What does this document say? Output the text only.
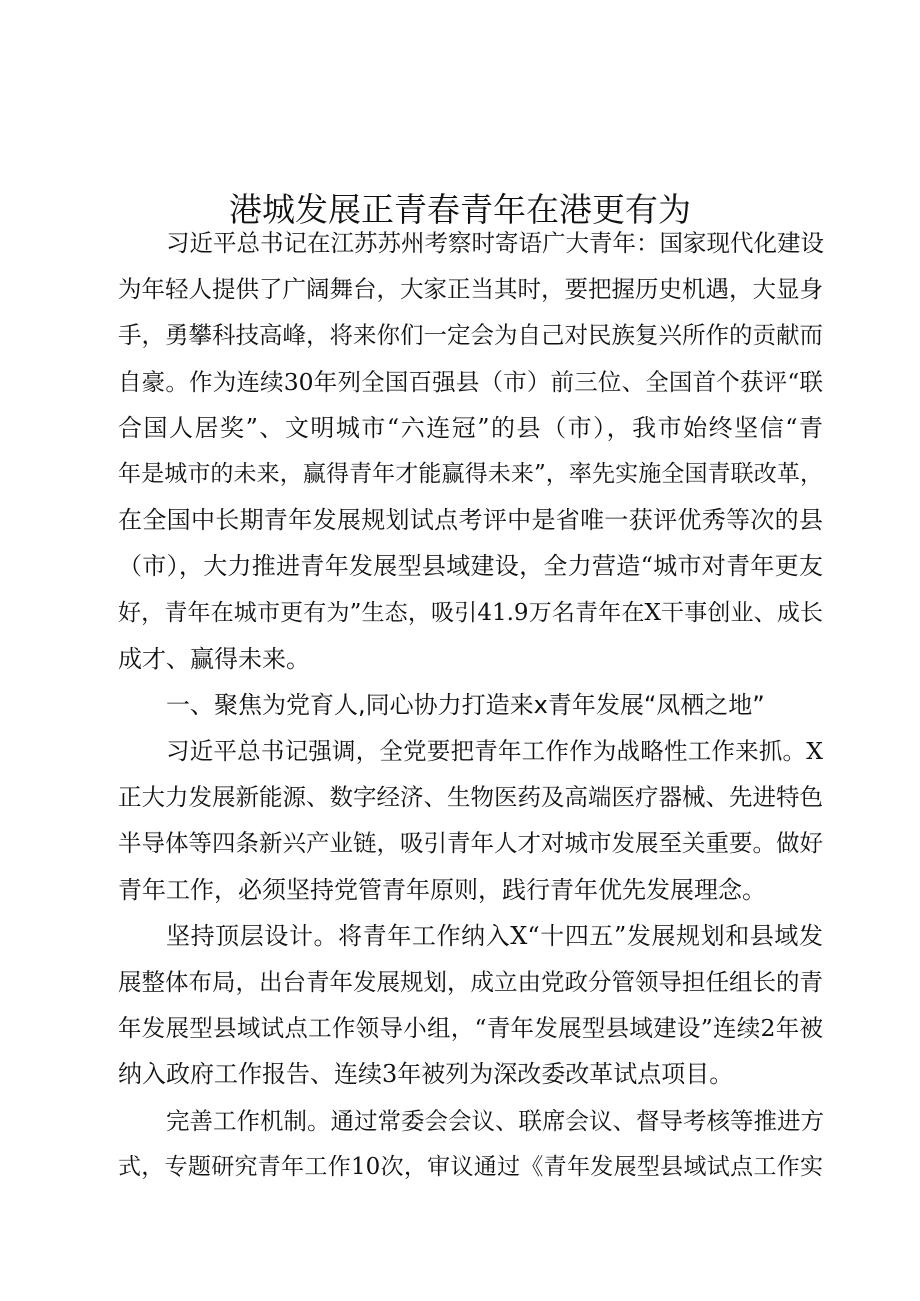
港城发展正青春青年在港更有为
习近平总书记在江苏苏州考察时寄语广大青年：国家现代化建设
为年轻人提供了广阔舞台，大家正当其时，要把握历史机遇，大显身
手，勇攀科技高峰，将来你们一定会为自己对民族复兴所作的贡献而
自豪。作为连续30年列全国百强县（市）前三位、全国首个获评“联
合国人居奖”、文明城市“六连冠”的县（市），我市始终坚信“青
年是城市的未来，赢得青年才能赢得未来”，率先实施全国青联改革，
在全国中长期青年发展规划试点考评中是省唯一获评优秀等次的县
（市），大力推进青年发展型县域建设，全力营造“城市对青年更友
好，青年在城市更有为”生态，吸引41.9万名青年在X干事创业、成长
成才、赢得未来。
一、聚焦为党育人,同心协力打造来x青年发展“凤栖之地”
习近平总书记强调，全党要把青年工作作为战略性工作来抓。X
正大力发展新能源、数字经济、生物医药及高端医疗器械、先进特色
半导体等四条新兴产业链，吸引青年人才对城市发展至关重要。做好
青年工作，必须坚持党管青年原则，践行青年优先发展理念。
坚持顶层设计。将青年工作纳入X“十四五”发展规划和县域发
展整体布局，出台青年发展规划，成立由党政分管领导担任组长的青
年发展型县域试点工作领导小组，“青年发展型县域建设”连续2年被
纳入政府工作报告、连续3年被列为深改委改革试点项目。
完善工作机制。通过常委会会议、联席会议、督导考核等推进方
式，专题研究青年工作10次，审议通过《青年发展型县域试点工作实
